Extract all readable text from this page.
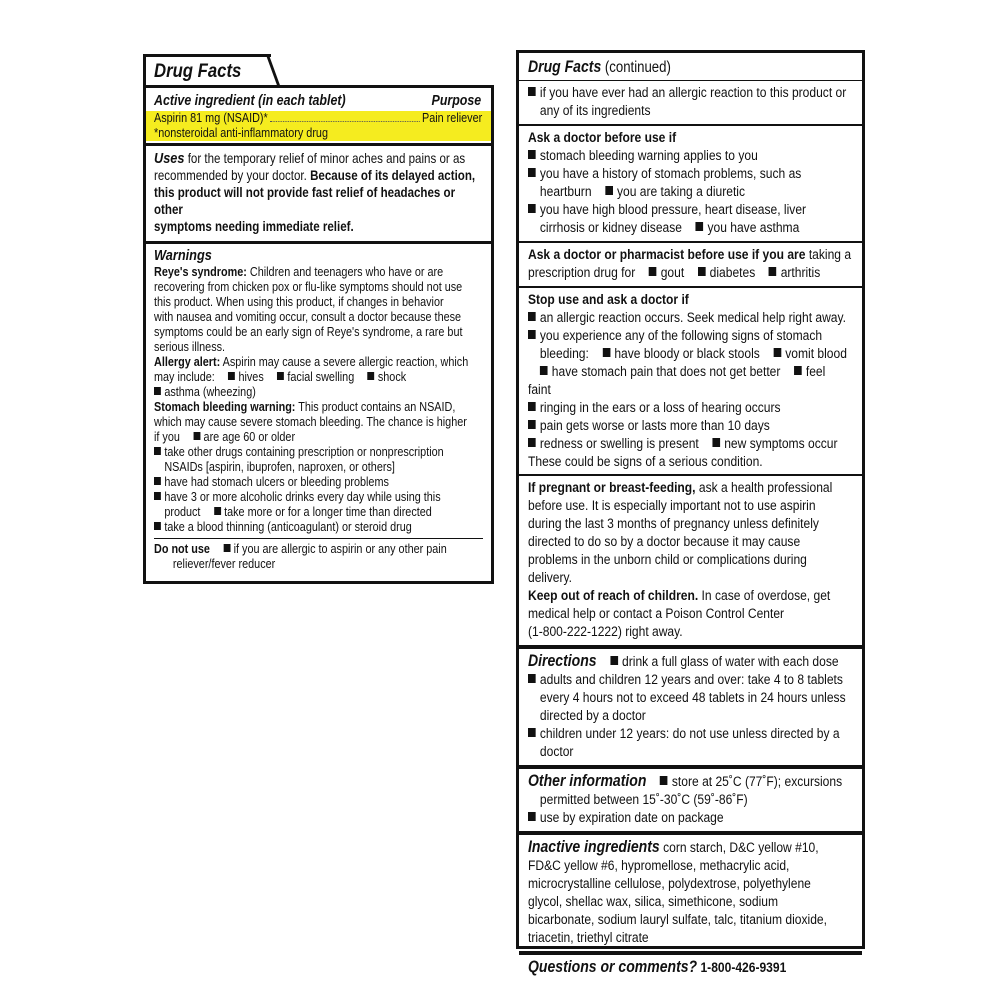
Drug Facts
Active ingredient (in each tablet)	Purpose
Aspirin 81 mg (NSAID)*	Pain reliever
*nonsteroidal anti-inflammatory drug
Uses for the temporary relief of minor aches and pains or as
recommended by your doctor. Because of its delayed action,
this product will not provide fast relief of headaches or other
symptoms needing immediate relief.
Warnings
Reye's syndrome: Children and teenagers who have or are
recovering from chicken pox or flu-like symptoms should not use
this product. When using this product, if changes in behavior
with nausea and vomiting occur, consult a doctor because these
symptoms could be an early sign of Reye's syndrome, a rare but
serious illness.
Allergy alert: Aspirin may cause a severe allergic reaction, which
may include: hives facial swelling shock
asthma (wheezing)
Stomach bleeding warning: This product contains an NSAID,
which may cause severe stomach bleeding. The chance is higher
if you are age 60 or older
take other drugs containing prescription or nonprescription

NSAIDs [aspirin, ibuprofen, naproxen, or others]
have had stomach ulcers or bleeding problems
have 3 or more alcoholic drinks every day while using this
product take more or for a longer time than directed
take a blood thinning (anticoagulant) or steroid drug
Do not use if you are allergic to aspirin or any other pain
reliever/fever reducer
Drug Facts (continued)
if you have ever had an allergic reaction to this product or

any of its ingredients
Ask a doctor before use if
stomach bleeding warning applies to you
you have a history of stomach problems, such as
heartburn you are taking a diuretic
you have high blood pressure, heart disease, liver
cirrhosis or kidney disease you have asthma
Ask a doctor or pharmacist before use if you are taking a
prescription drug for gout diabetes arthritis
Stop use and ask a doctor if
an allergic reaction occurs. Seek medical help right away.
you experience any of the following signs of stomach
bleeding: have bloody or black stools vomit blood
have stomach pain that does not get better feel faint
ringing in the ears or a loss of hearing occurs
pain gets worse or lasts more than 10 days
redness or swelling is present new symptoms occur
These could be signs of a serious condition.
If pregnant or breast-feeding, ask a health professional
before use. It is especially important not to use aspirin
during the last 3 months of pregnancy unless definitely
directed to do so by a doctor because it may cause
problems in the unborn child or complications during
delivery.
Keep out of reach of children. In case of overdose, get
medical help or contact a Poison Control Center
(1-800-222-1222) right away.
Directions drink a full glass of water with each dose
adults and children 12 years and over: take 4 to 8 tablets

every 4 hours not to exceed 48 tablets in 24 hours unless
directed by a doctor
children under 12 years: do not use unless directed by a

doctor
Other information store at 25˚C (77˚F); excursions

permitted between 15˚-30˚C (59˚-86˚F)
use by expiration date on package
Inactive ingredients corn starch, D&C yellow #10,
FD&C yellow #6, hypromellose, methacrylic acid,
microcrystalline cellulose, polydextrose, polyethylene
glycol, shellac wax, silica, simethicone, sodium
bicarbonate, sodium lauryl sulfate, talc, titanium dioxide,
triacetin, triethyl citrate
Questions or comments? 1-800-426-9391
